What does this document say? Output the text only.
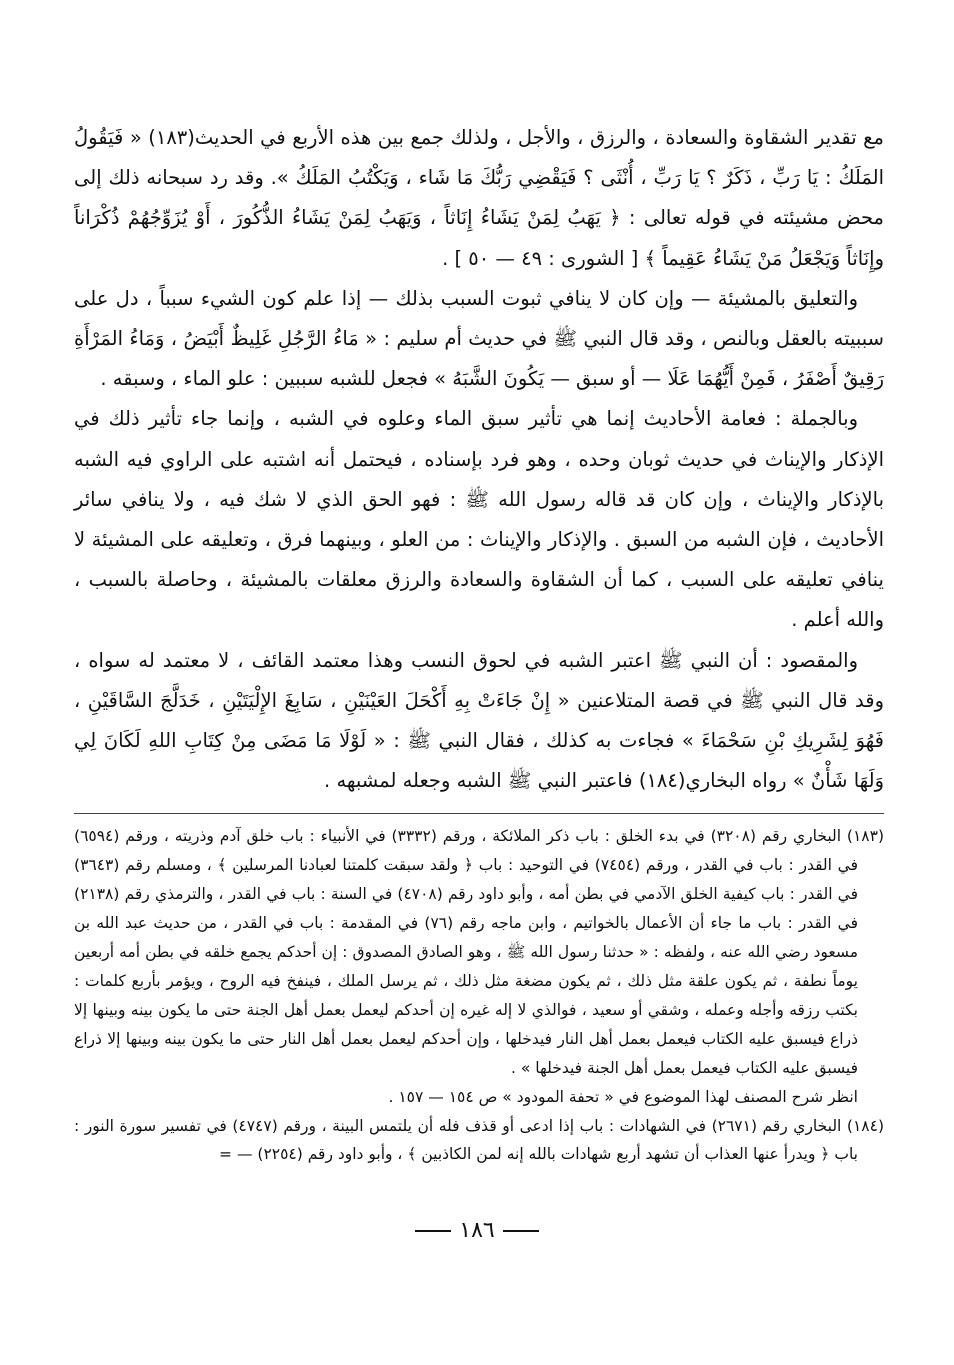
مع تقدير الشقاوة والسعادة ، والرزق ، والأجل ، ولذلك جمع بين هذه الأربع في الحديث(١٨٣) « فَيَقُولُ المَلَكُ : يَا رَبِّ ، ذَكَرٌ ؟ يَا رَبِّ ، أُنْثَى ؟ فَيَقْضِي رَبُّكَ مَا شَاء ، وَيَكْتُبُ المَلَكُ ». وقد رد سبحانه ذلك إلى محض مشيئته في قوله تعالى : ﴿ يَهَبُ لِمَنْ يَشَاءُ إِنَاثاً ، وَيَهَبُ لِمَنْ يَشَاءُ الذُّكُورَ ، أَوْ يُزَوِّجُهُمْ ذُكْرَاناً وإِنَاثاً وَيَجْعَلُ مَنْ يَشَاءُ عَقِيماً ﴾ [ الشورى : ٤٩ — ٥٠ ] .

والتعليق بالمشيئة — وإن كان لا ينافي ثبوت السبب بذلك — إذا علم كون الشيء سبباً ، دل على سببيته بالعقل وبالنص ، وقد قال النبي ﷺ في حديث أم سليم : « مَاءُ الرَّجُلِ غَلِيظٌ أَبْيَضُ ، وَمَاءُ المَرْأَةِ رَقِيقٌ أَصْفَرُ ، فَمِنْ أَيُّهُمَا عَلَا — أو سبق — يَكُونَ الشَّبَهُ » فجعل للشبه سببين : علو الماء ، وسبقه .

وبالجملة : فعامة الأحاديث إنما هي تأثير سبق الماء وعلوه في الشبه ، وإنما جاء تأثير ذلك في الإذكار والإيناث في حديث ثوبان وحده ، وهو فرد بإسناده ، فيحتمل أنه اشتبه على الراوي فيه الشبه بالإذكار والإيناث ، وإن كان قد قاله رسول الله ﷺ : فهو الحق الذي لا شك فيه ، ولا ينافي سائر الأحاديث ، فإن الشبه من السبق . والإذكار والإيناث : من العلو ، وبينهما فرق ، وتعليقه على المشيئة لا ينافي تعليقه على السبب ، كما أن الشقاوة والسعادة والرزق معلقات بالمشيئة ، وحاصلة بالسبب ، والله أعلم .

والمقصود : أن النبي ﷺ اعتبر الشبه في لحوق النسب وهذا معتمد القائف ، لا معتمد له سواه ، وقد قال النبي ﷺ في قصة المتلاعنين « إِنْ جَاءَتْ بِهِ أَكْحَلَ العَيْنَيْنِ ، سَابِغَ الإِلْيَتَيْنِ ، خَدَلَّجَ السَّاقَيْنِ ، فَهُوَ لِشَرِيكِ بْنِ سَحْمَاءَ » فجاءت به كذلك ، فقال النبي ﷺ : « لَوْلَا مَا مَضَى مِنْ كِتَابِ اللهِ لَكَانَ لِي وَلَهَا شَأْنٌ » رواه البخاري(١٨٤) فاعتبر النبي ﷺ الشبه وجعله لمشبهه .

(١٨٣) البخاري رقم (٣٢٠٨) في بدء الخلق : باب ذكر الملائكة ، ورقم (٣٣٣٢) في الأنبياء : باب خلق آدم وذريته ، ورقم (٦٥٩٤) في القدر : باب في القدر ، ورقم (٧٤٥٤) في التوحيد : باب ﴿ ولقد سبقت كلمتنا لعبادنا المرسلين ﴾ ، ومسلم رقم (٣٦٤٣) في القدر : باب كيفية الخلق الآدمي في بطن أمه ، وأبو داود رقم (٤٧٠٨) في السنة : باب في القدر ، والترمذي رقم (٢١٣٨) في القدر : باب ما جاء أن الأعمال بالخواتيم ، وابن ماجه رقم (٧٦) في المقدمة : باب في القدر ، من حديث عبد الله بن مسعود رضي الله عنه ، ولفظه : « حدثنا رسول الله ﷺ ، وهو الصادق المصدوق : إن أحدكم يجمع خلقه في بطن أمه أربعين يوماً نطفة ، ثم يكون علقة مثل ذلك ، ثم يكون مضغة مثل ذلك ، ثم يرسل الملك ، فينفخ فيه الروح ، ويؤمر بأربع كلمات : بكتب رزقه وأجله وعمله ، وشقي أو سعيد ، فوالذي لا إله غيره إن أحدكم ليعمل بعمل أهل الجنة حتى ما يكون بينه وبينها إلا ذراع فيسبق عليه الكتاب فيعمل بعمل أهل النار فيدخلها ، وإن أحدكم ليعمل بعمل أهل النار حتى ما يكون بينه وبينها إلا ذراع فيسبق عليه الكتاب فيعمل بعمل أهل الجنة فيدخلها » .

انظر شرح المصنف لهذا الموضوع في « تحفة المودود » ص ١٥٤ — ١٥٧ .

(١٨٤) البخاري رقم (٢٦٧١) في الشهادات : باب إذا ادعى أو قذف فله أن يلتمس البينة ، ورقم (٤٧٤٧) في تفسير سورة النور : باب ﴿ ويدرأ عنها العذاب أن تشهد أربع شهادات بالله إنه لمن الكاذبين ﴾ ، وأبو داود رقم (٢٢٥٤) — =

١٨٦
